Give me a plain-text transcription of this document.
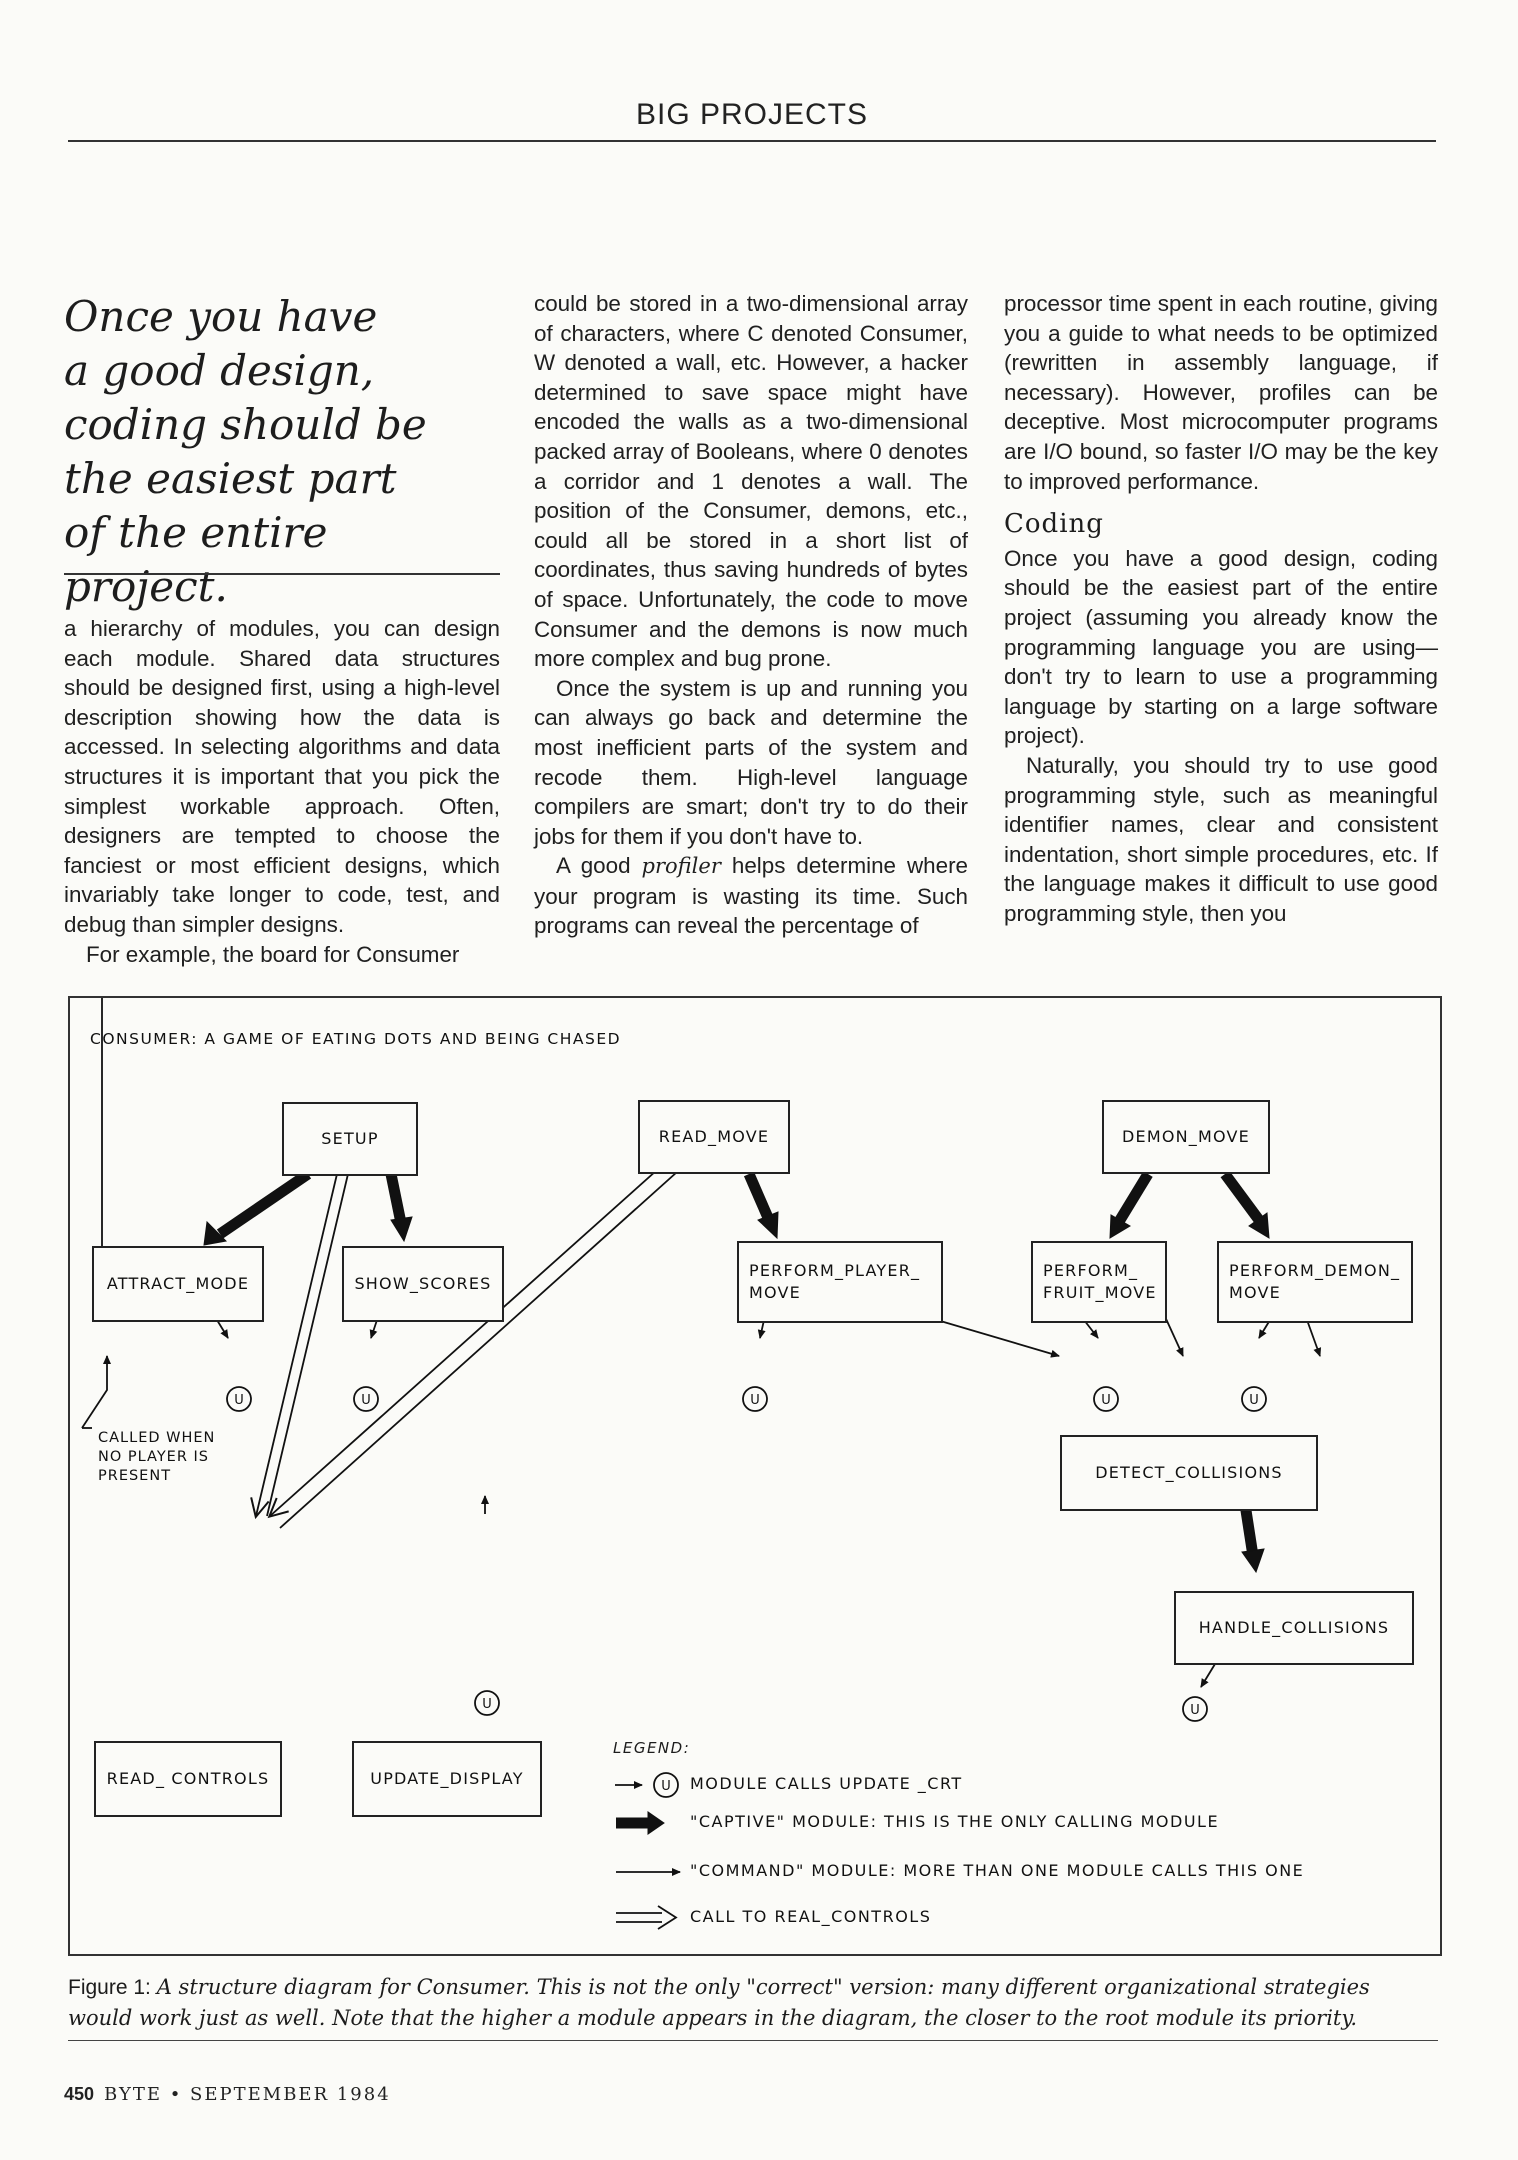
BIG PROJECTS
Once you have
a good design,
coding should be
the easiest part
of the entire project.

a hierarchy of modules, you can design each module. Shared data structures should be designed first, using a high-level description showing how the data is accessed. In selecting algorithms and data structures it is important that you pick the simplest workable approach. Often, designers are tempted to choose the fanciest or most efficient designs, which invariably take longer to code, test, and debug than simpler designs.

For example, the board for Consumer

could be stored in a two-dimensional array of characters, where C denoted Consumer, W denoted a wall, etc. However, a hacker determined to save space might have encoded the walls as a two-dimensional packed array of Booleans, where 0 denotes a corridor and 1 denotes a wall. The position of the Consumer, demons, etc., could all be stored in a short list of coordinates, thus saving hundreds of bytes of space. Unfortunately, the code to move Consumer and the demons is now much more complex and bug prone.

Once the system is up and running you can always go back and determine the most inefficient parts of the system and recode them. High-level language compilers are smart; don't try to do their jobs for them if you don't have to.

A good profiler helps determine where your program is wasting its time. Such programs can reveal the percentage of

processor time spent in each routine, giving you a guide to what needs to be optimized (rewritten in assembly language, if necessary). However, profiles can be deceptive. Most microcomputer programs are I/O bound, so faster I/O may be the key to improved performance.

Coding

Once you have a good design, coding should be the easiest part of the entire project (assuming you already know the programming language you are using—don't try to learn to use a programming language by starting on a large software project).

Naturally, you should try to use good programming style, such as meaningful identifier names, clear and consistent indentation, short simple procedures, etc. If the language makes it difficult to use good programming style, then you

CONSUMER: A GAME OF EATING DOTS AND BEING CHASED
SETUP	READ_MOVE	DEMON_MOVE
ATTRACT_MODE	SHOW_SCORES
PERFORM_PLAYER_
MOVE
PERFORM_
FRUIT_MOVE
PERFORM_DEMON_
MOVE
DETECT_COLLISIONS
HANDLE_COLLISIONS
READ_ CONTROLS	UPDATE_DISPLAY
CALLED WHEN
NO PLAYER IS
PRESENT
U	U	U	U	U
U
U
U
LEGEND:
MODULE CALLS UPDATE _CRT
"CAPTIVE" MODULE: THIS IS THE ONLY CALLING MODULE
"COMMAND" MODULE: MORE THAN ONE MODULE CALLS THIS ONE
CALL TO REAL_CONTROLS
Figure 1: A structure diagram for Consumer. This is not the only "correct" version: many different organizational strategies would work just as well. Note that the higher a module appears in the diagram, the closer to the root module its priority.
450 BYTE • SEPTEMBER 1984
